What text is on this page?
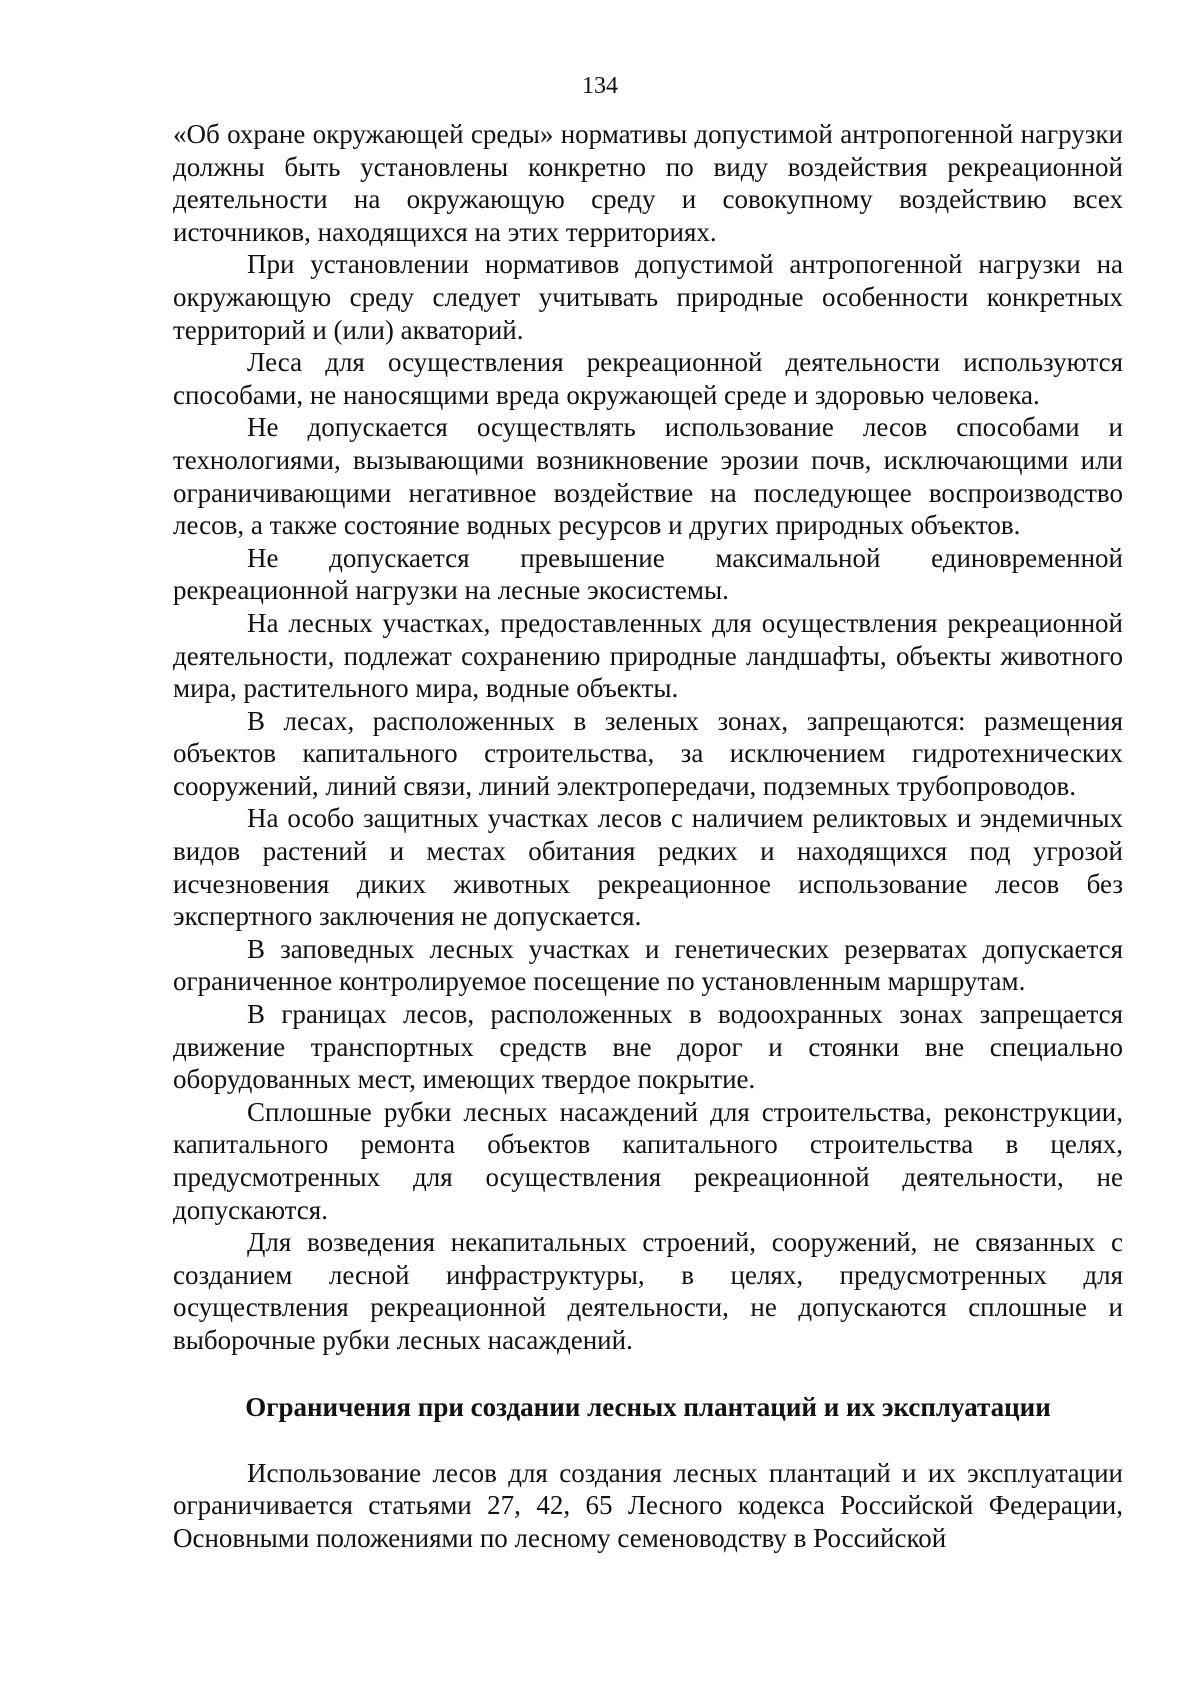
134

«Об охране окружающей среды» нормативы допустимой антропогенной нагрузки должны быть установлены конкретно по виду воздействия рекреационной деятельности на окружающую среду и совокупному воздействию всех источников, находящихся на этих территориях.

При установлении нормативов допустимой антропогенной нагрузки на окружающую среду следует учитывать природные особенности конкретных территорий и (или) акваторий.

Леса для осуществления рекреационной деятельности используются способами, не наносящими вреда окружающей среде и здоровью человека.

Не допускается осуществлять использование лесов способами и технологиями, вызывающими возникновение эрозии почв, исключающими или ограничивающими негативное воздействие на последующее воспроизводство лесов, а также состояние водных ресурсов и других природных объектов.

Не допускается превышение максимальной единовременной рекреационной нагрузки на лесные экосистемы.

На лесных участках, предоставленных для осуществления рекреационной деятельности, подлежат сохранению природные ландшафты, объекты животного мира, растительного мира, водные объекты.

В лесах, расположенных в зеленых зонах, запрещаются: размещения объектов капитального строительства, за исключением гидротехнических сооружений, линий связи, линий электропередачи, подземных трубопроводов.

На особо защитных участках лесов с наличием реликтовых и эндемичных видов растений и местах обитания редких и находящихся под угрозой исчезновения диких животных рекреационное использование лесов без экспертного заключения не допускается.

В заповедных лесных участках и генетических резерватах допускается ограниченное контролируемое посещение по установленным маршрутам.

В границах лесов, расположенных в водоохранных зонах запрещается движение транспортных средств вне дорог и стоянки вне специально оборудованных мест, имеющих твердое покрытие.

Сплошные рубки лесных насаждений для строительства, реконструкции, капитального ремонта объектов капитального строительства в целях, предусмотренных для осуществления рекреационной деятельности, не допускаются.

Для возведения некапитальных строений, сооружений, не связанных с созданием лесной инфраструктуры, в целях, предусмотренных для осуществления рекреационной деятельности, не допускаются сплошные и выборочные рубки лесных насаждений.

Ограничения при создании лесных плантаций и их эксплуатации

Использование лесов для создания лесных плантаций и их эксплуатации ограничивается статьями 27, 42, 65 Лесного кодекса Российской Федерации, Основными положениями по лесному семеноводству в Российской
